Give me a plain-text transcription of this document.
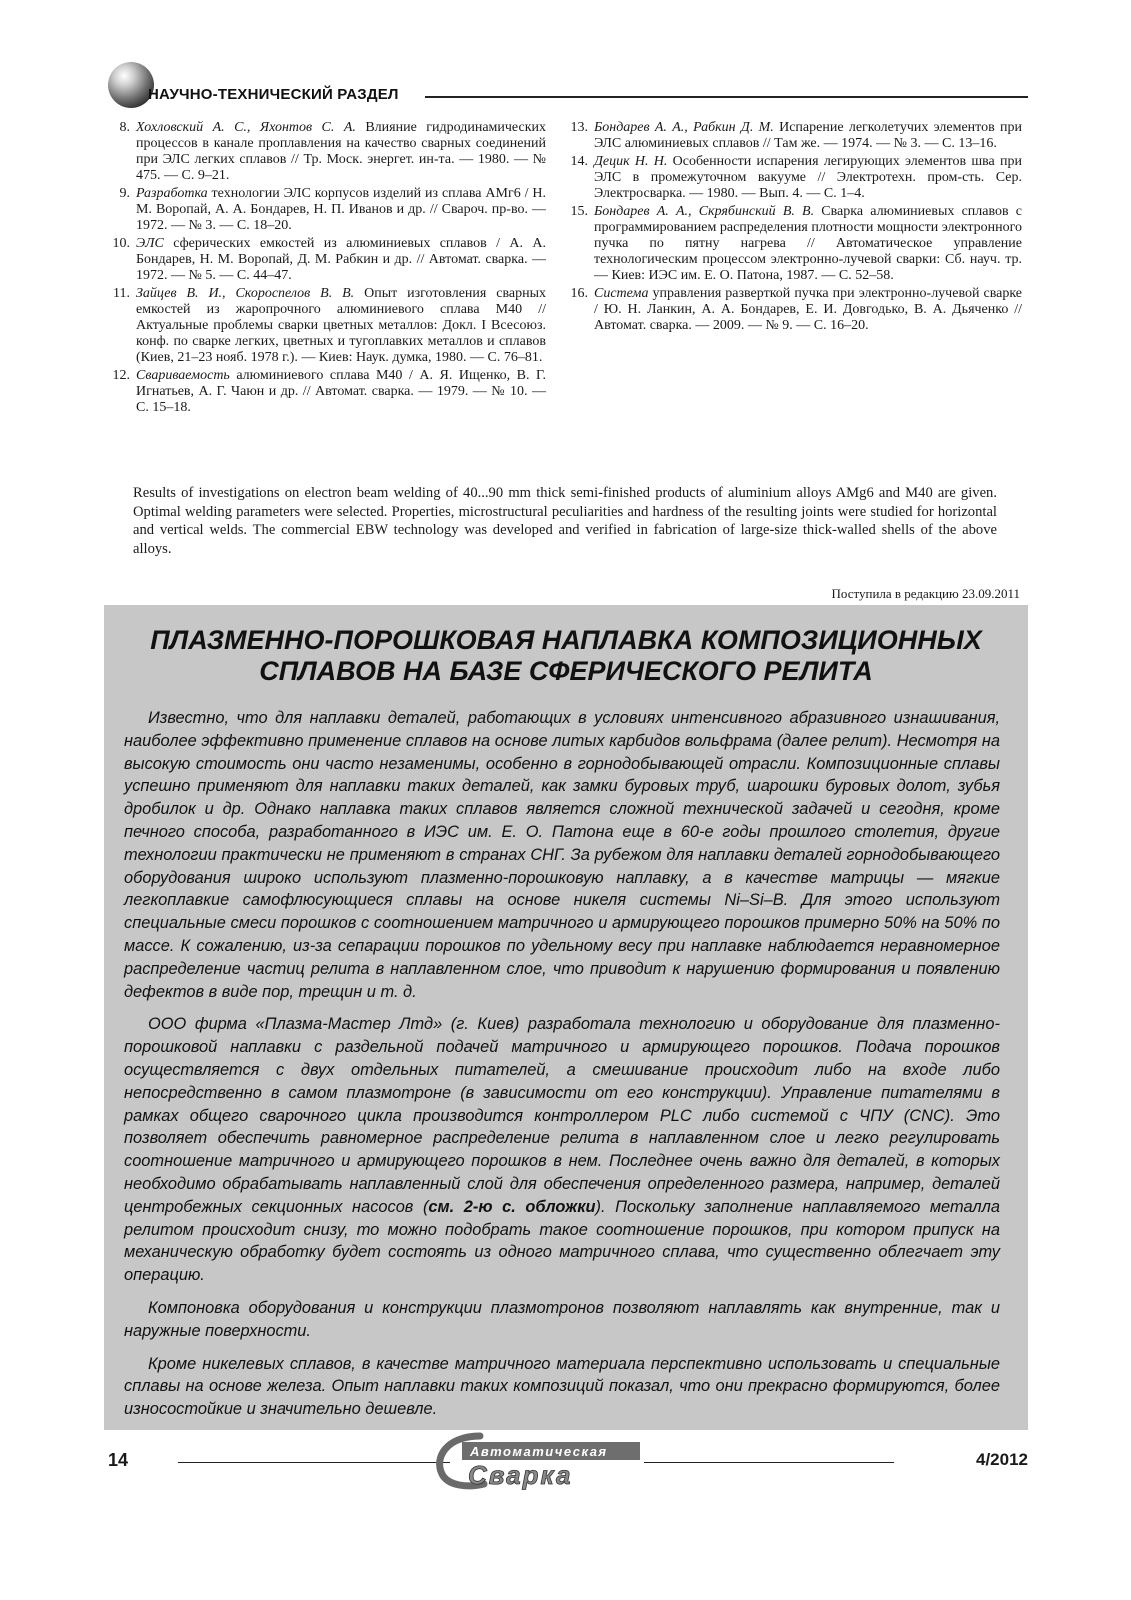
НАУЧНО-ТЕХНИЧЕСКИЙ РАЗДЕЛ
8. Хохловский А. С., Яхонтов С. А. Влияние гидродинамических процессов в канале проплавления на качество сварных соединений при ЭЛС легких сплавов // Тр. Моск. энергет. ин-та. — 1980. — № 475. — С. 9–21.
9. Разработка технологии ЭЛС корпусов изделий из сплава АМг6 / Н. М. Воропай, А. А. Бондарев, Н. П. Иванов и др. // Свароч. пр-во. — 1972. — № 3. — С. 18–20.
10. ЭЛС сферических емкостей из алюминиевых сплавов / А. А. Бондарев, Н. М. Воропай, Д. М. Рабкин и др. // Автомат. сварка. — 1972. — № 5. — С. 44–47.
11. Зайцев В. И., Скороспелов В. В. Опыт изготовления сварных емкостей из жаропрочного алюминиевого сплава М40 // Актуальные проблемы сварки цветных металлов: Докл. I Всесоюз. конф. по сварке легких, цветных и тугоплавких металлов и сплавов (Киев, 21–23 нояб. 1978 г.). — Киев: Наук. думка, 1980. — С. 76–81.
12. Свариваемость алюминиевого сплава М40 / А. Я. Ищенко, В. Г. Игнатьев, А. Г. Чаюн и др. // Автомат. сварка. — 1979. — № 10. — С. 15–18.
13. Бондарев А. А., Рабкин Д. М. Испарение легколетучих элементов при ЭЛС алюминиевых сплавов // Там же. — 1974. — № 3. — С. 13–16.
14. Децик Н. Н. Особенности испарения легирующих элементов шва при ЭЛС в промежуточном вакууме // Электротехн. пром-сть. Сер. Электросварка. — 1980. — Вып. 4. — С. 1–4.
15. Бондарев А. А., Скрябинский В. В. Сварка алюминиевых сплавов с программированием распределения плотности мощности электронного пучка по пятну нагрева // Автоматическое управление технологическим процессом электронно-лучевой сварки: Сб. науч. тр. — Киев: ИЭС им. Е. О. Патона, 1987. — С. 52–58.
16. Система управления разверткой пучка при электронно-лучевой сварке / Ю. Н. Ланкин, А. А. Бондарев, Е. И. Довгодько, В. А. Дьяченко // Автомат. сварка. — 2009. — № 9. — С. 16–20.
Results of investigations on electron beam welding of 40...90 mm thick semi-finished products of aluminium alloys AMg6 and M40 are given. Optimal welding parameters were selected. Properties, microstructural peculiarities and hardness of the resulting joints were studied for horizontal and vertical welds. The commercial EBW technology was developed and verified in fabrication of large-size thick-walled shells of the above alloys.
Поступила в редакцию 23.09.2011
ПЛАЗМЕННО-ПОРОШКОВАЯ НАПЛАВКА КОМПОЗИЦИОННЫХ
СПЛАВОВ НА БАЗЕ СФЕРИЧЕСКОГО РЕЛИТА

Известно, что для наплавки деталей, работающих в условиях интенсивного абразивного изнашивания, наиболее эффективно применение сплавов на основе литых карбидов вольфрама (далее релит). Несмотря на высокую стоимость они часто незаменимы, особенно в горнодобывающей отрасли. Композиционные сплавы успешно применяют для наплавки таких деталей, как замки буровых труб, шарошки буровых долот, зубья дробилок и др. Однако наплавка таких сплавов является сложной технической задачей и сегодня, кроме печного способа, разработанного в ИЭС им. Е. О. Патона еще в 60-е годы прошлого столетия, другие технологии практически не применяют в странах СНГ. За рубежом для наплавки деталей горнодобывающего оборудования широко используют плазменно-порошковую наплавку, а в качестве матрицы — мягкие легкоплавкие самофлюсующиеся сплавы на основе никеля системы Ni–Si–B. Для этого используют специальные смеси порошков с соотношением матричного и армирующего порошков примерно 50% на 50% по массе. К сожалению, из-за сепарации порошков по удельному весу при наплавке наблюдается неравномерное распределение частиц релита в наплавленном слое, что приводит к нарушению формирования и появлению дефектов в виде пор, трещин и т. д.

ООО фирма «Плазма-Мастер Лтд» (г. Киев) разработала технологию и оборудование для плазменно-порошковой наплавки с раздельной подачей матричного и армирующего порошков. Подача порошков осуществляется с двух отдельных питателей, а смешивание происходит либо на входе либо непосредственно в самом плазмотроне (в зависимости от его конструкции). Управление питателями в рамках общего сварочного цикла производится контроллером PLC либо системой с ЧПУ (CNC). Это позволяет обеспечить равномерное распределение релита в наплавленном слое и легко регулировать соотношение матричного и армирующего порошков в нем. Последнее очень важно для деталей, в которых необходимо обрабатывать наплавленный слой для обеспечения определенного размера, например, деталей центробежных секционных насосов (см. 2-ю с. обложки). Поскольку заполнение наплавляемого металла релитом происходит снизу, то можно подобрать такое соотношение порошков, при котором припуск на механическую обработку будет состоять из одного матричного сплава, что существенно облегчает эту операцию.

Компоновка оборудования и конструкции плазмотронов позволяют наплавлять как внутренние, так и наружные поверхности.

Кроме никелевых сплавов, в качестве матричного материала перспективно использовать и специальные сплавы на основе железа. Опыт наплавки таких композиций показал, что они прекрасно формируются, более износостойкие и значительно дешевле.

14	Автоматическая
Сварка
4/2012
